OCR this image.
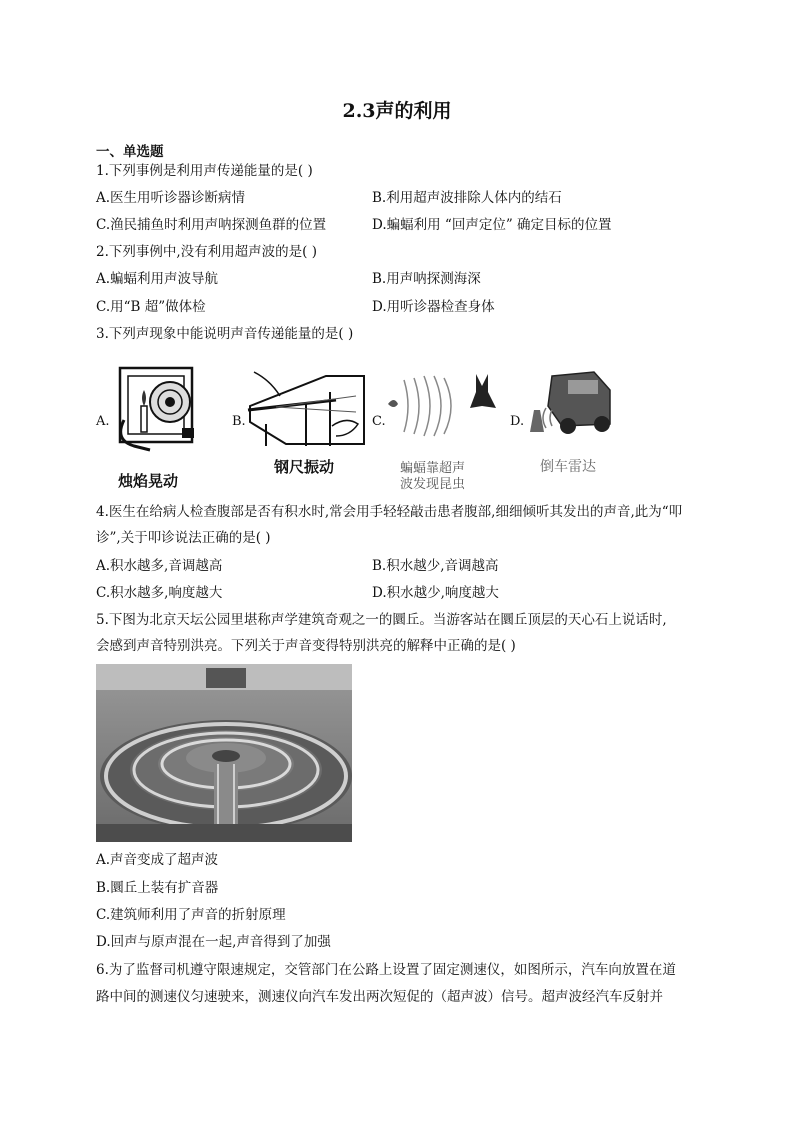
2.3声的利用
一、单选题
1.下列事例是利用声传递能量的是( )
A.医生用听诊器诊断病情	B.利用超声波排除人体内的结石
C.渔民捕鱼时利用声呐探测鱼群的位置	D.蝙蝠利用 “回声定位” 确定目标的位置
2.下列事例中,没有利用超声波的是( )
A.蝙蝠利用声波导航	B.用声呐探测海深
C.用“B 超”做体检	D.用听诊器检查身体
3.下列声现象中能说明声音传递能量的是( )
A.
烛焰晃动
B.
钢尺振动
C.
蝙蝠靠超声
波发现昆虫
D.
倒车雷达
4.医生在给病人检查腹部是否有积水时,常会用手轻轻敲击患者腹部,细细倾听其发出的声音,此为“叩
诊”,关于叩诊说法正确的是( )
A.积水越多,音调越高	B.积水越少,音调越高
C.积水越多,响度越大	D.积水越少,响度越大
5.下图为北京天坛公园里堪称声学建筑奇观之一的圜丘。当游客站在圜丘顶层的天心石上说话时,
会感到声音特别洪亮。下列关于声音变得特别洪亮的解释中正确的是( )
A.声音变成了超声波
B.圜丘上装有扩音器
C.建筑师利用了声音的折射原理
D.回声与原声混在一起,声音得到了加强
6.为了监督司机遵守限速规定，交管部门在公路上设置了固定测速仪，如图所示，汽车向放置在道
路中间的测速仪匀速驶来，测速仪向汽车发出两次短促的（超声波）信号。超声波经汽车反射并
